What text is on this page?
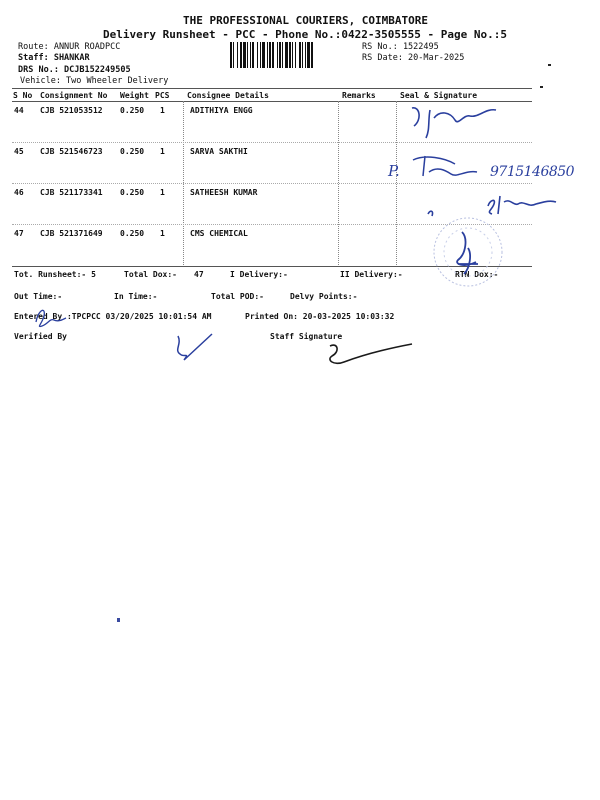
THE PROFESSIONAL COURIERS, COIMBATORE
Delivery Runsheet - PCC - Phone No.:0422-3505555 - Page No.:5
Route: ANNUR ROADPCC
Staff: SHANKAR
DRS No.: DCJB152249505
Vehicle: Two Wheeler Delivery
RS No.: 1522495
RS Date: 20-Mar-2025
S No Consignment No Weight PCS Consignee Details	Remarks	Seal & Signature
44 CJB 521053512 0.250 1	ADITHIYA ENGG
45 CJB 521546723 0.250 1	SARVA SAKTHI
46 CJB 521173341 0.250 1	SATHEESH KUMAR
47 CJB 521371649 0.250 1	CMS CHEMICAL
Tot. Runsheet:- 5	Total Dox:- 47	I Delivery:-	II Delivery:-	RTN Dox:-
Out Time:-	In Time:-	Total POD:-	Delvy Points:-
Entered By :TPCPCC 03/20/2025 10:01:54 AM	Printed On: 20-03-2025 10:03:32
Verified By	Staff Signature
P.	9715146850
